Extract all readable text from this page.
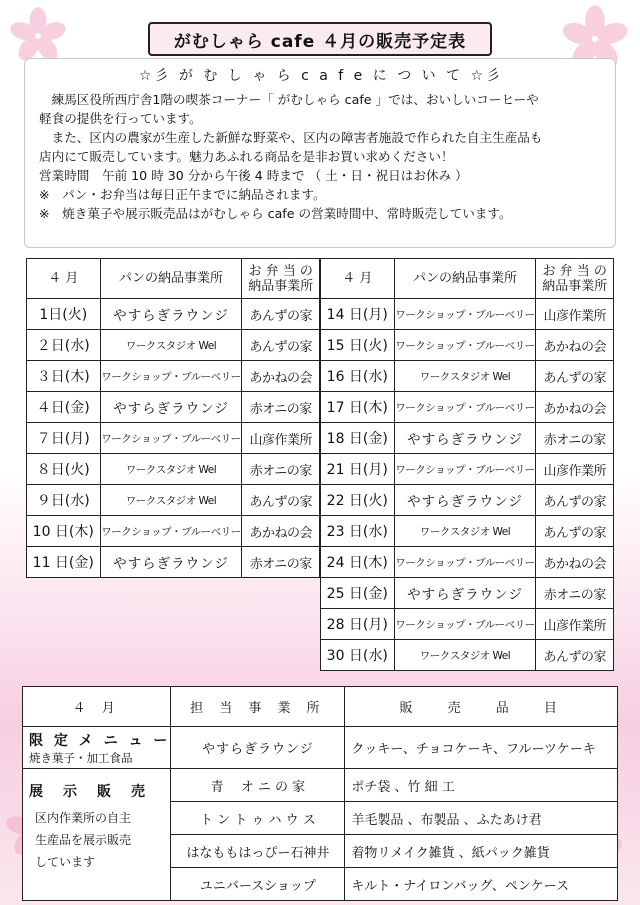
がむしゃら cafe ４月の販売予定表
☆彡 が む し ゃ ら c a f e に つ い て ☆彡

　練馬区役所西庁舎1階の喫茶コーナー「 がむしゃら cafe 」では、おいしいコーヒーや

軽食の提供を行っています。

　また、区内の農家が生産した新鮮な野菜や、区内の障害者施設で作られた自主生産品も

店内にて販売しています。魅力あふれる商品を是非お買い求めください！

営業時間　午前 10 時 30 分から午後 4 時まで （ 土・日・祝日はお休み ）

※　パン・お弁当は毎日正午までに納品されます。

※　焼き菓子や展示販売品はがむしゃら cafe の営業時間中、常時販売しています。

４ 月	パンの納品事業所	お 弁 当 の
納品事業所
1日(火)	やすらぎラウンジ	あんずの家
２日(水)	ワークスタジオ Wel	あんずの家
３日(木)	ワークショップ・ブルーベリー	あかねの会
４日(金)	やすらぎラウンジ	赤オニの家
７日(月)	ワークショップ・ブルーベリー	山彦作業所
８日(火)	ワークスタジオ Wel	赤オニの家
９日(水)	ワークスタジオ Wel	あんずの家
10 日(木)	ワークショップ・ブルーベリー	あかねの会
11 日(金)	やすらぎラウンジ	赤オニの家
４ 月	パンの納品事業所	お 弁 当 の
納品事業所
14 日(月)	ワークショップ・ブルーベリー	山彦作業所
15 日(火)	ワークショップ・ブルーベリー	あかねの会
16 日(水)	ワークスタジオ Wel	あんずの家
17 日(木)	ワークショップ・ブルーベリー	あかねの会
18 日(金)	やすらぎラウンジ	赤オニの家
21 日(月)	ワークショップ・ブルーベリー	山彦作業所
22 日(火)	やすらぎラウンジ	あんずの家
23 日(水)	ワークスタジオ Wel	あんずの家
24 日(木)	ワークショップ・ブルーベリー	あかねの会
25 日(金)	やすらぎラウンジ	赤オニの家
28 日(月)	ワークショップ・ブルーベリー	山彦作業所
30 日(水)	ワークスタジオ Wel	あんずの家
４ 月	担 当 事 業 所	販　 売　 品　 目

限 定 メ ニ ュ ー
焼き菓子・加工食品	やすらぎラウンジ	クッキー、チョコケーキ、フルーツケーキ

展　示　販　売
区内作業所の自主
生産品を展示販売
しています	青　 オ ニ の 家	ポチ袋 、竹 細 工
	ト ン ト ゥ ハ ウ ス	羊毛製品 、布製品 、ふたあけ君
	はなももはっぴー石神井	着物リメイク雑貨 、紙パック雑貨
	ユニバースショップ	キルト・ナイロンバッグ、ペンケース
